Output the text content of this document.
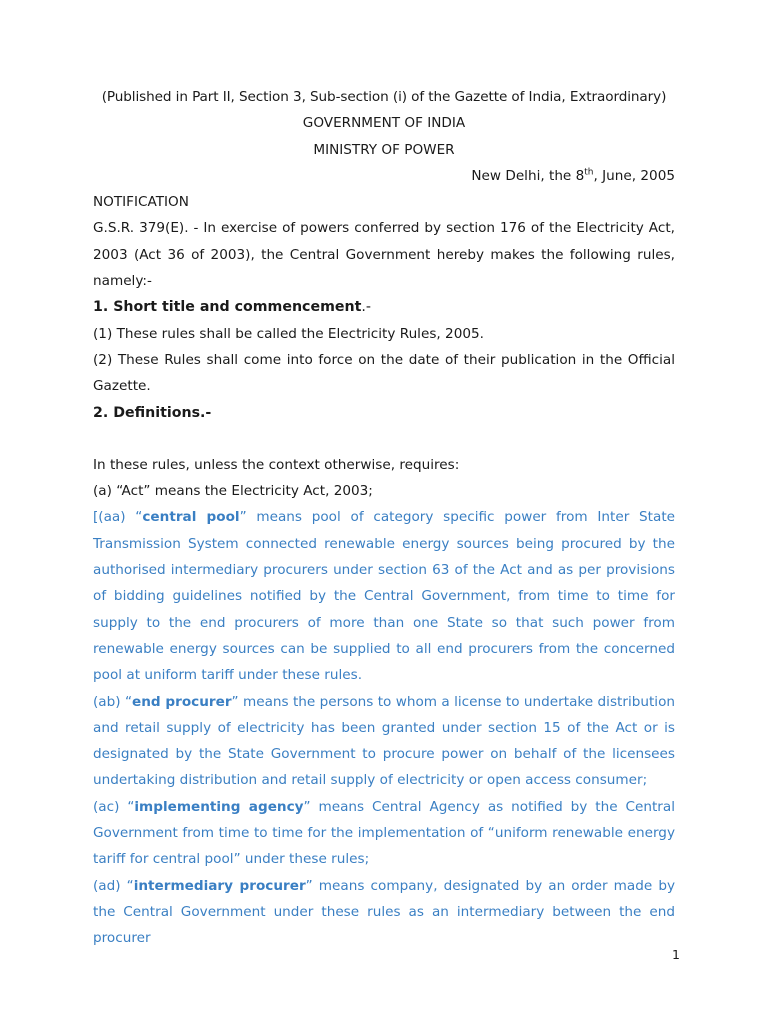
(Published in Part II, Section 3, Sub-section (i) of the Gazette of India, Extraordinary)
GOVERNMENT OF INDIA
MINISTRY OF POWER
New Delhi, the 8th, June, 2005
NOTIFICATION
G.S.R. 379(E). - In exercise of powers conferred by section 176 of the Electricity Act, 2003 (Act 36 of 2003), the Central Government hereby makes the following rules, namely:-
1. Short title and commencement.-
(1) These rules shall be called the Electricity Rules, 2005.
(2) These Rules shall come into force on the date of their publication in the Official Gazette.
2. Definitions.-
In these rules, unless the context otherwise, requires:
(a) “Act” means the Electricity Act, 2003;
[(aa) “central pool” means pool of category specific power from Inter State Transmission System connected renewable energy sources being procured by the authorised intermediary procurers under section 63 of the Act and as per provisions of bidding guidelines notified by the Central Government, from time to time for supply to the end procurers of more than one State so that such power from renewable energy sources can be supplied to all end procurers from the concerned pool at uniform tariff under these rules.
(ab) “end procurer” means the persons to whom a license to undertake distribution and retail supply of electricity has been granted under section 15 of the Act or is designated by the State Government to procure power on behalf of the licensees undertaking distribution and retail supply of electricity or open access consumer;
(ac) “implementing agency” means Central Agency as notified by the Central Government from time to time for the implementation of “uniform renewable energy tariff for central pool” under these rules;
(ad) “intermediary procurer” means company, designated by an order made by the Central Government under these rules as an intermediary between the end procurer
1
